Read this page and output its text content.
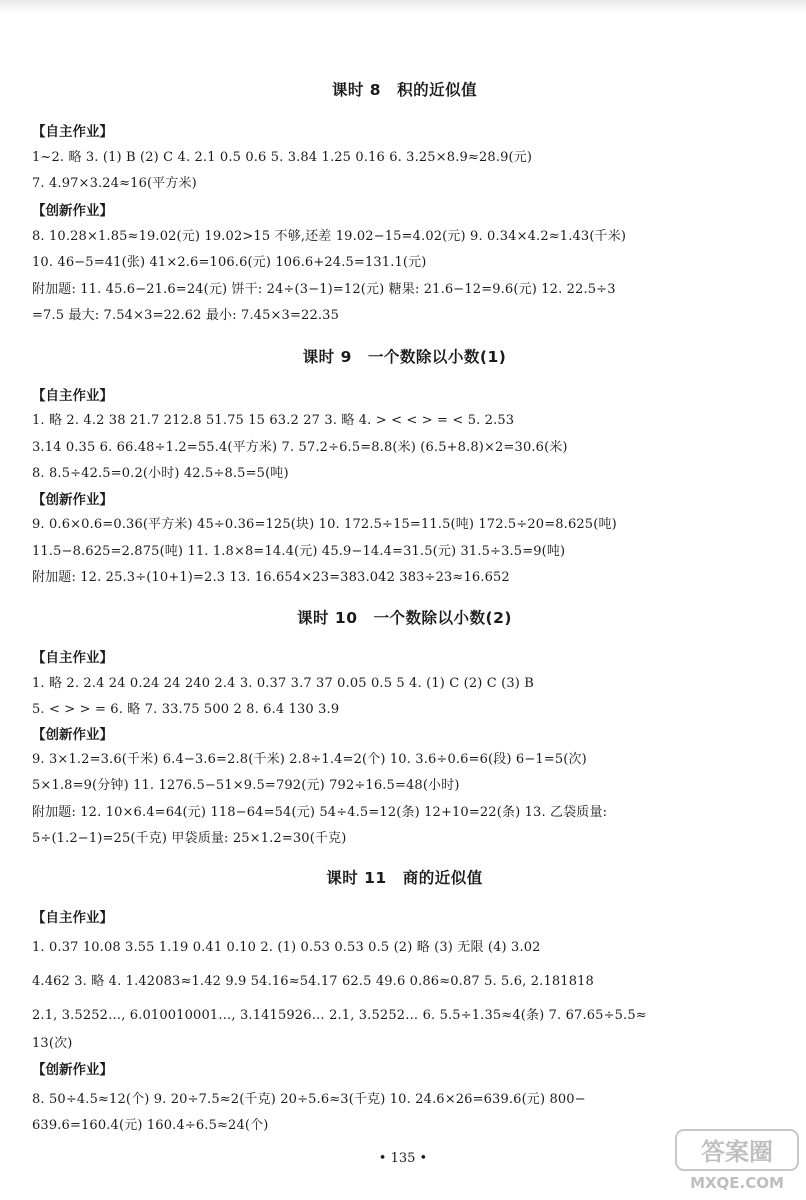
课时 8 积的近似值
【自主作业】
1~2. 略 3. (1) B (2) C 4. 2.1 0.5 0.6 5. 3.84 1.25 0.16 6. 3.25×8.9≈28.9(元)
7. 4.97×3.24≈16(平方米)
【创新作业】
8. 10.28×1.85≈19.02(元) 19.02>15 不够,还差 19.02−15=4.02(元) 9. 0.34×4.2≈1.43(千米)
10. 46−5=41(张) 41×2.6=106.6(元) 106.6+24.5=131.1(元)
附加题: 11. 45.6−21.6=24(元) 饼干: 24÷(3−1)=12(元) 糖果: 21.6−12=9.6(元) 12. 22.5÷3
=7.5 最大: 7.54×3=22.62 最小: 7.45×3=22.35
课时 9 一个数除以小数(1)
【自主作业】
1. 略 2. 4.2 38 21.7 212.8 51.75 15 63.2 27 3. 略 4. > < < > = < 5. 2.53
3.14 0.35 6. 66.48÷1.2=55.4(平方米) 7. 57.2÷6.5=8.8(米) (6.5+8.8)×2=30.6(米)
8. 8.5÷42.5=0.2(小时) 42.5÷8.5=5(吨)
【创新作业】
9. 0.6×0.6=0.36(平方米) 45÷0.36=125(块) 10. 172.5÷15=11.5(吨) 172.5÷20=8.625(吨)
11.5−8.625=2.875(吨) 11. 1.8×8=14.4(元) 45.9−14.4=31.5(元) 31.5÷3.5=9(吨)
附加题: 12. 25.3÷(10+1)=2.3 13. 16.654×23=383.042 383÷23≈16.652
课时 10 一个数除以小数(2)
【自主作业】
1. 略 2. 2.4 24 0.24 24 240 2.4 3. 0.37 3.7 37 0.05 0.5 5 4. (1) C (2) C (3) B
5. < > > = 6. 略 7. 33.75 500 2 8. 6.4 130 3.9
【创新作业】
9. 3×1.2=3.6(千米) 6.4−3.6=2.8(千米) 2.8÷1.4=2(个) 10. 3.6÷0.6=6(段) 6−1=5(次)
5×1.8=9(分钟) 11. 1276.5−51×9.5=792(元) 792÷16.5=48(小时)
附加题: 12. 10×6.4=64(元) 118−64=54(元) 54÷4.5=12(条) 12+10=22(条) 13. 乙袋质量:
5÷(1.2−1)=25(千克) 甲袋质量: 25×1.2=30(千克)
课时 11 商的近似值
【自主作业】
1. 0.37 10.08 3.55 1.19 0.41 0.10 2. (1) 0.53 0.53 0.5 (2) 略 (3) 无限 (4) 3.02
4.462 3. 略 4. 1.42083≈1.42 9.9 54.16≈54.17 62.5 49.6 0.86≈0.87 5. 5.6, 2.181818
2.1, 3.5252…, 6.010010001…, 3.1415926… 2.1, 3.5252… 6. 5.5÷1.35≈4(条) 7. 67.65÷5.5≈
13(次)
【创新作业】
8. 50÷4.5≈12(个) 9. 20÷7.5≈2(千克) 20÷5.6≈3(千克) 10. 24.6×26=639.6(元) 800−
639.6=160.4(元) 160.4÷6.5≈24(个)
• 135 •	答案圈
MXQE.COM
